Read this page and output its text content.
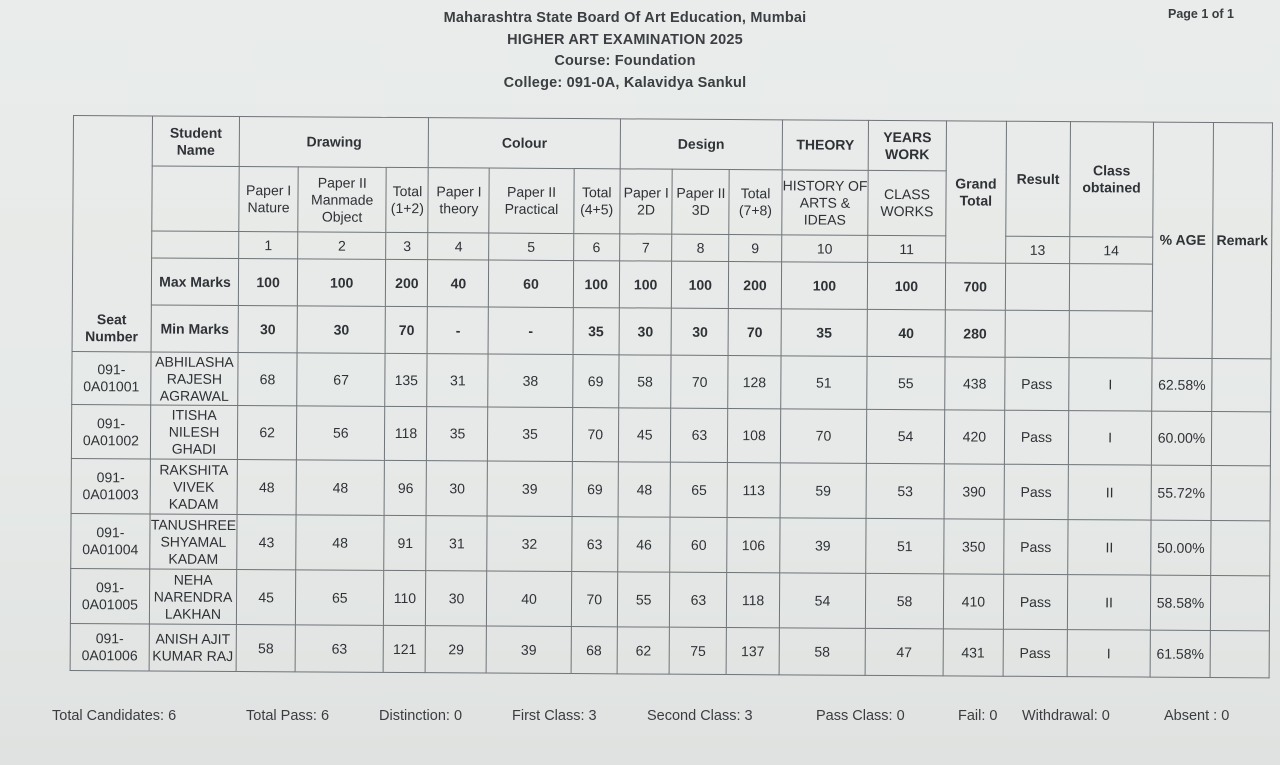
Page 1 of 1
Maharashtra State Board Of Art Education, Mumbai
HIGHER ART EXAMINATION 2025
Course: Foundation
College: 091-0A, Kalavidya Sankul
Seat Number	Student Name	Drawing			Colour			Design			THEORY	YEARS WORK	Grand Total	Result	Class obtained	% AGE	Remark
		Paper I Nature	Paper II Manmade Object	Total (1+2)	Paper I theory	Paper II Practical	Total (4+5)	Paper I 2D	Paper II 3D	Total (7+8)	HISTORY OF ARTS & IDEAS	CLASS WORKS					
		1	2	3	4	5	6	7	8	9	10	11		13	14		
	Max Marks	100	100	200	40	60	100	100	100	200	100	100	700				
	Min Marks	30	30	70	-	-	35	30	30	70	35	40	280				
091-0A01001	ABHILASHA RAJESH AGRAWAL	68	67	135	31	38	69	58	70	128	51	55	438	Pass	I	62.58%	
091-0A01002	ITISHA NILESH GHADI	62	56	118	35	35	70	45	63	108	70	54	420	Pass	I	60.00%	
091-0A01003	RAKSHITA VIVEK KADAM	48	48	96	30	39	69	48	65	113	59	53	390	Pass	II	55.72%	
091-0A01004	TANUSHREE SHYAMAL KADAM	43	48	91	31	32	63	46	60	106	39	51	350	Pass	II	50.00%	
091-0A01005	NEHA NARENDRA LAKHAN	45	65	110	30	40	70	55	63	118	54	58	410	Pass	II	58.58%	
091-0A01006	ANISH AJIT KUMAR RAJ	58	63	121	29	39	68	62	75	137	58	47	431	Pass	I	61.58%	
Total Candidates: 6	Total Pass: 6	Distinction: 0	First Class: 3	Second Class: 3	Pass Class: 0	Fail: 0 Withdrawal: 0	Absent : 0
